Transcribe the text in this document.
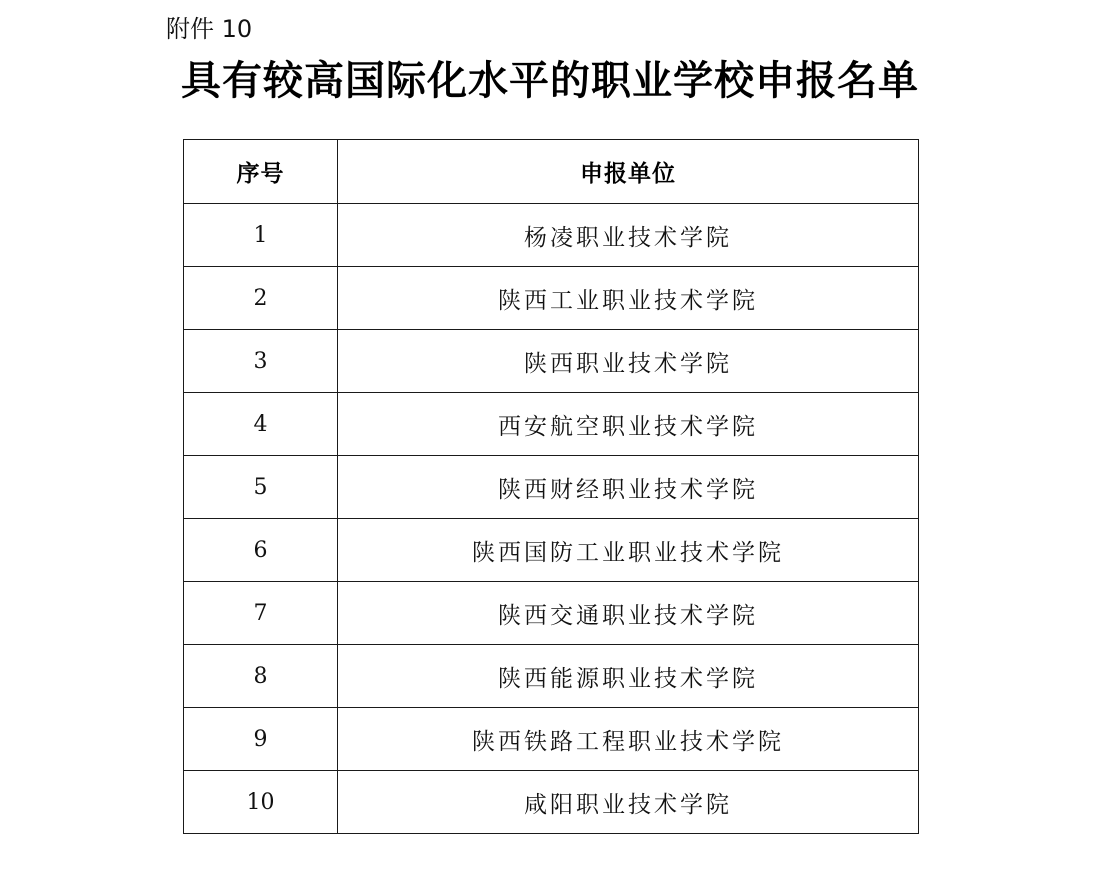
附件 10
具有较高国际化水平的职业学校申报名单
序号	申报单位
1	杨凌职业技术学院
2	陕西工业职业技术学院
3	陕西职业技术学院
4	西安航空职业技术学院
5	陕西财经职业技术学院
6	陕西国防工业职业技术学院
7	陕西交通职业技术学院
8	陕西能源职业技术学院
9	陕西铁路工程职业技术学院
10	咸阳职业技术学院
